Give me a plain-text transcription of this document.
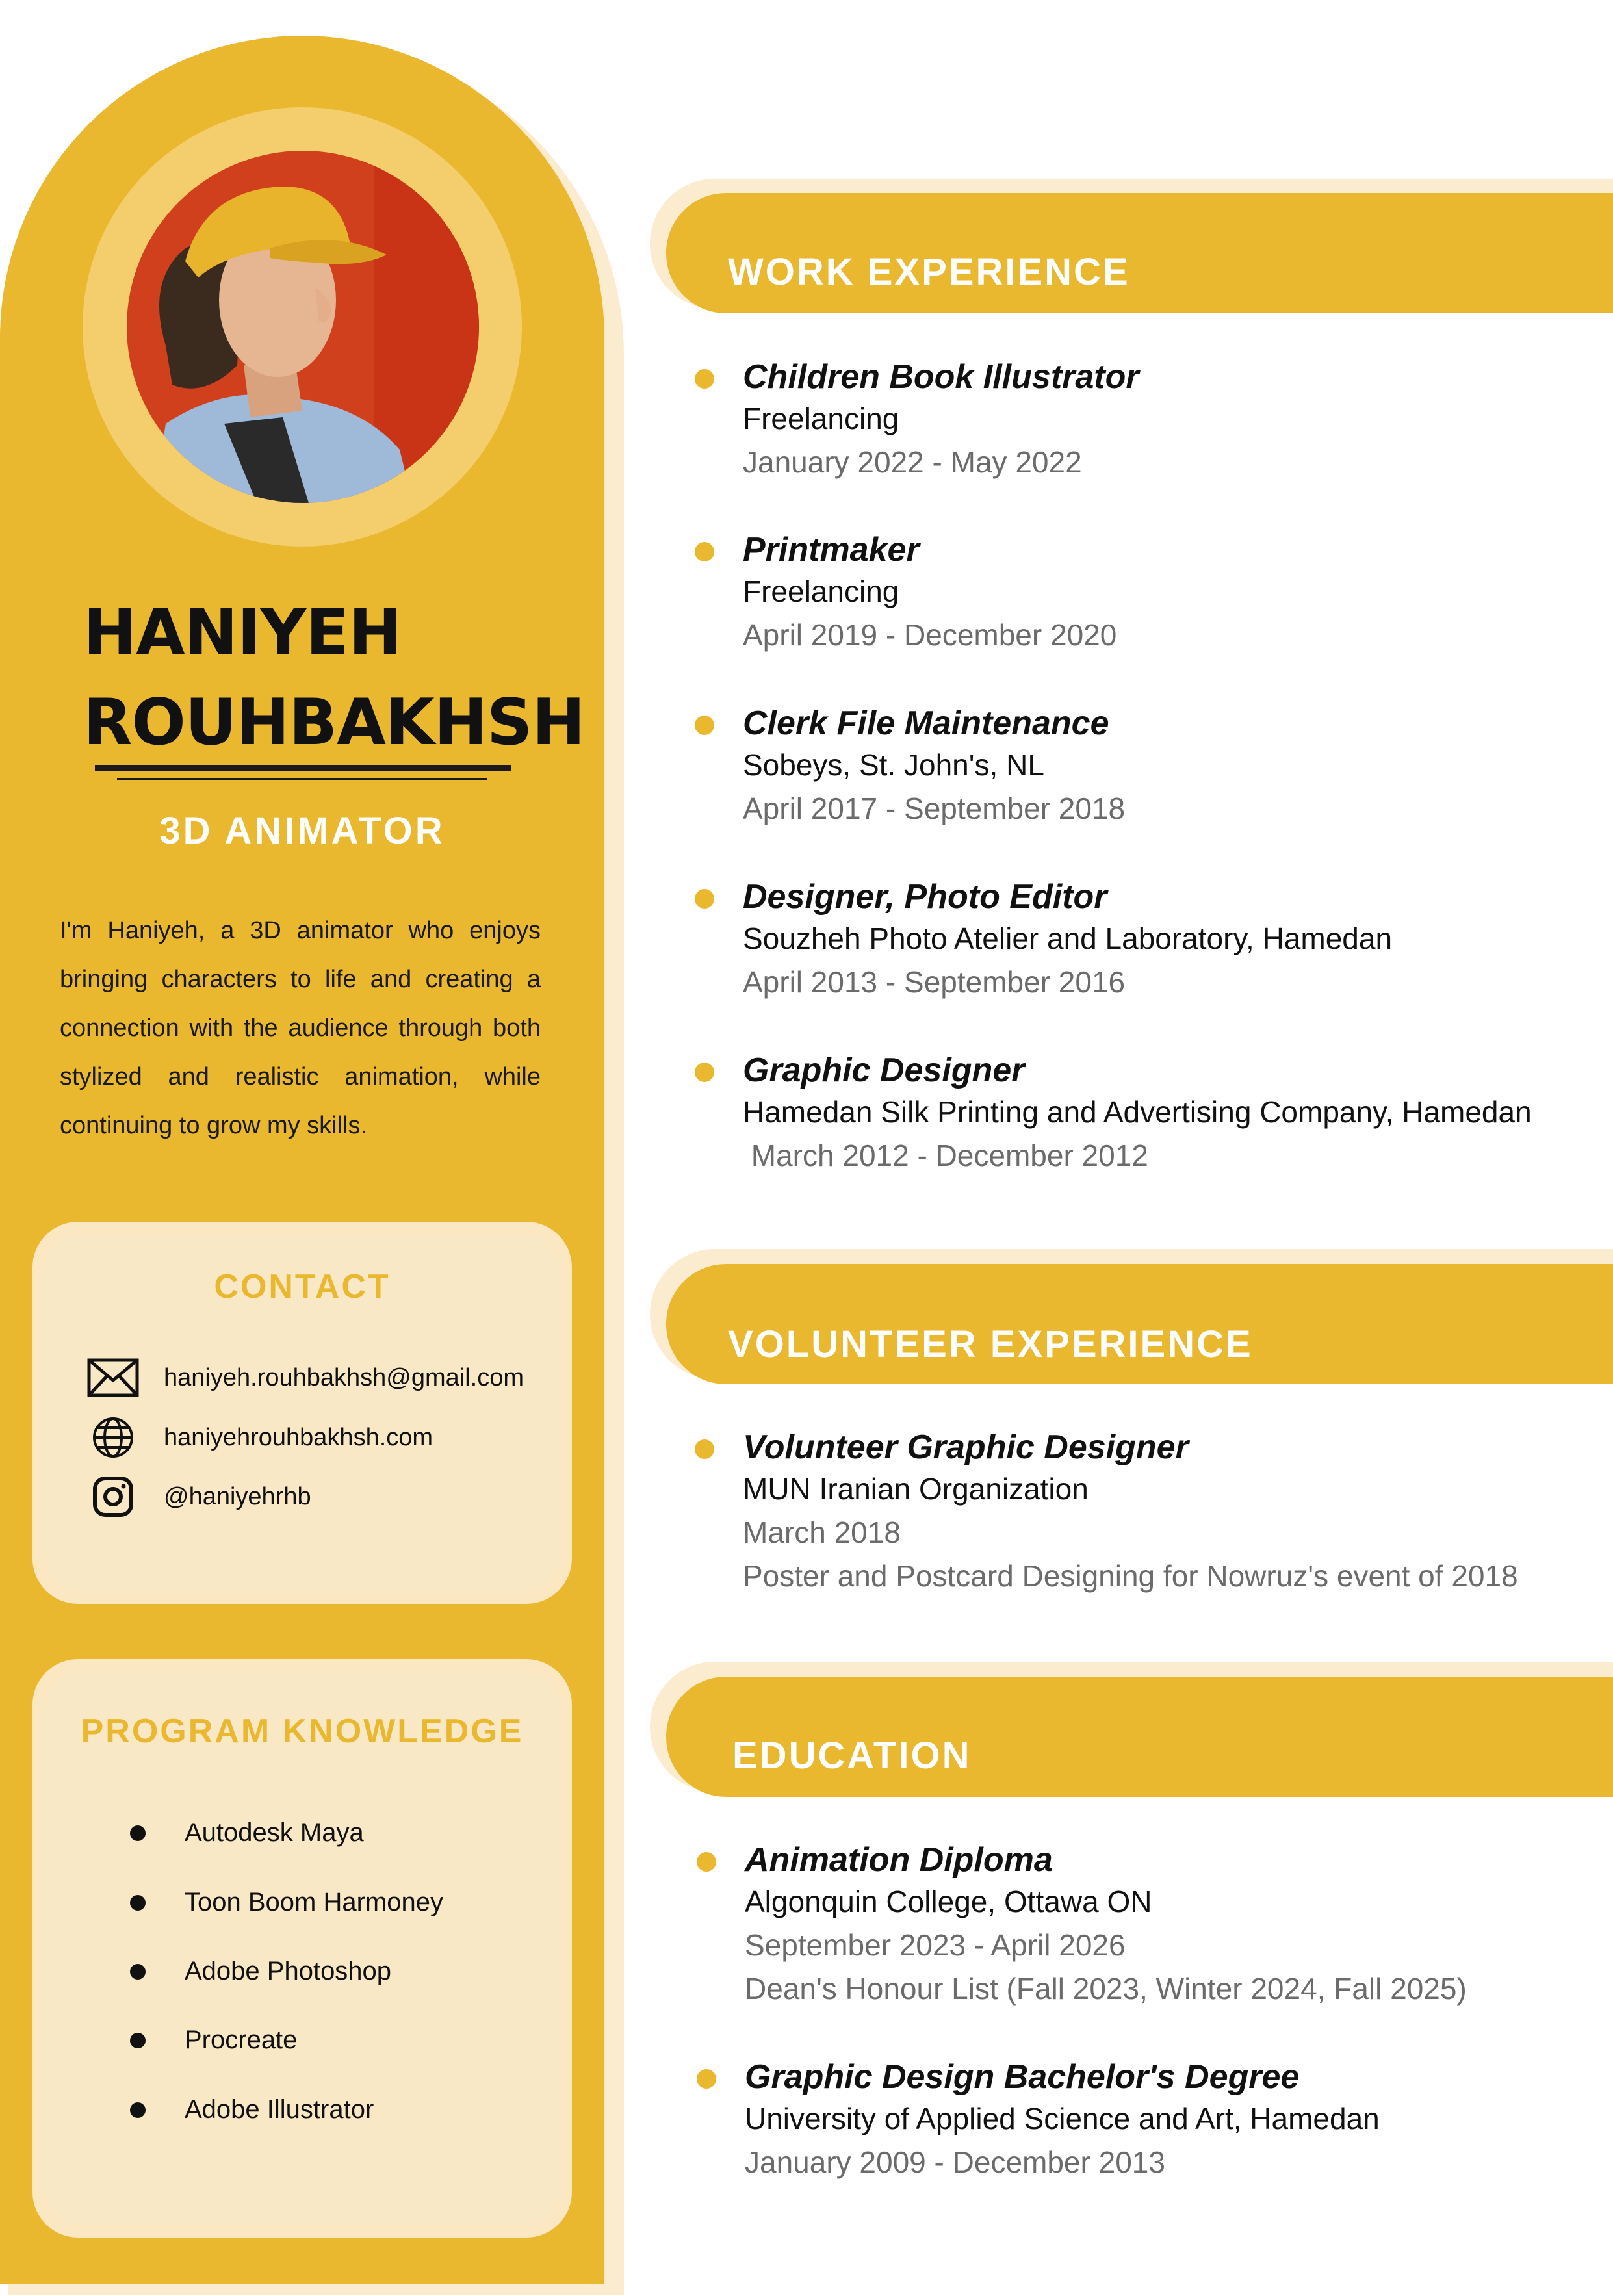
HANIYEH
ROUHBAKHSH
3D ANIMATOR

I'm Haniyeh, a 3D animator who enjoys bringing characters to life and creating a connection with the audience through both stylized and realistic animation, while continuing to grow my skills.

CONTACT
haniyeh.rouhbakhsh@gmail.com
haniyehrouhbakhsh.com
@haniyehrhb
PROGRAM KNOWLEDGE
Autodesk Maya
Toon Boom Harmoney
Adobe Photoshop
Procreate
Adobe Illustrator
WORK EXPERIENCE
Children Book Illustrator
Freelancing
January 2022 - May 2022
Printmaker
Freelancing
April 2019 - December 2020
Clerk File Maintenance
Sobeys, St. John's, NL
April 2017 - September 2018
Designer, Photo Editor
Souzheh Photo Atelier and Laboratory, Hamedan
April 2013 - September 2016
Graphic Designer
Hamedan Silk Printing and Advertising Company, Hamedan
March 2012 - December 2012
VOLUNTEER EXPERIENCE
Volunteer Graphic Designer
MUN Iranian Organization
March 2018
Poster and Postcard Designing for Nowruz's event of 2018
EDUCATION
Animation Diploma
Algonquin College, Ottawa ON
September 2023 - April 2026
Dean's Honour List (Fall 2023, Winter 2024, Fall 2025)
Graphic Design Bachelor's Degree
University of Applied Science and Art, Hamedan
January 2009 - December 2013
